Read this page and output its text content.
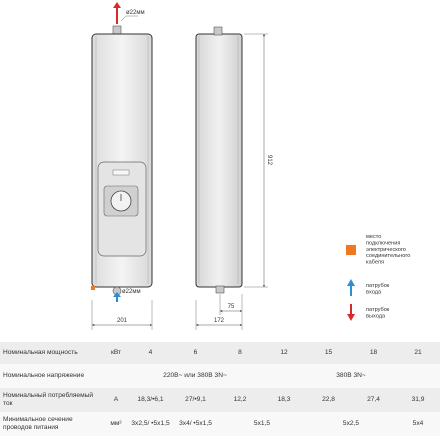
ø22мм
ø22мм
201
912
75
172
место подключения электрического соединительного кабеля
патрубок входа
патрубок выхода
Номинальная мощность	кВт	4	6	8	12	15	18	21
Номинальное напряжение		220В~ или 380В 3N~			380В 3N~			
Номинальный потребляемый ток	А	18,3/•6,1	27/•9,1	12,2	18,3	22,8	27,4	31,9
Минимальное сечение проводов питания	мм²	3x2,5/ •5x1,5	3x4/ •5x1,5	5x1,5		5x2,5		5x4
